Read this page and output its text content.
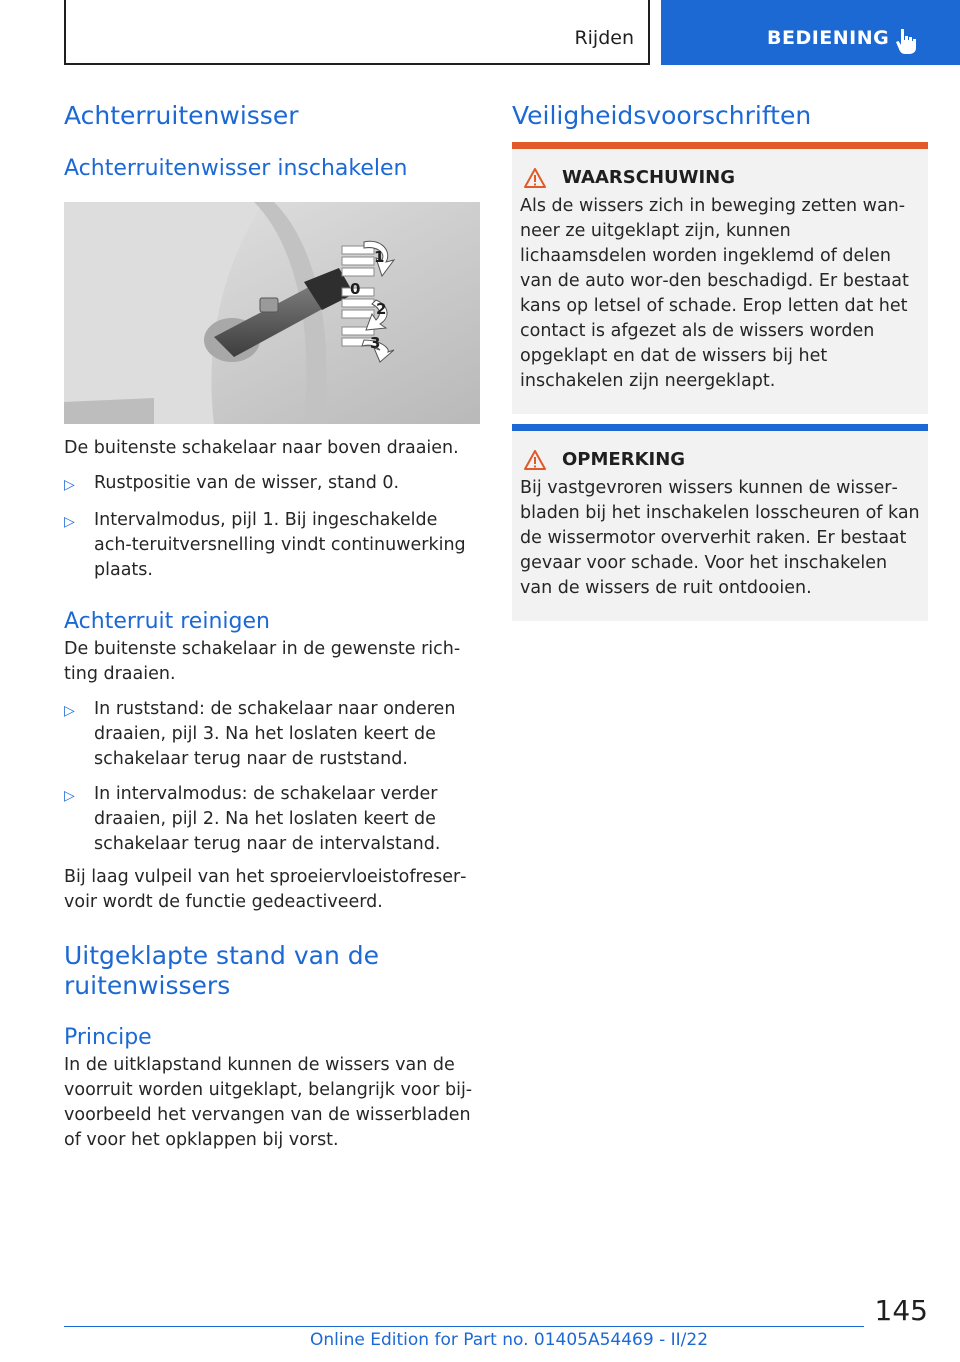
Rijden	BEDIENING
Achterruitenwisser
Achterruitenwisser inschakelen
1
0
2
3

De buitenste schakelaar naar boven draaien.

▷	Rustpositie van de wisser, stand 0.
▷	Intervalmodus, pijl 1. Bij ingeschakelde ach‐teruitversnelling vindt continuwerking plaats.
Achterruit reinigen

De buitenste schakelaar in de gewenste rich‐ting draaien.

▷	In ruststand: de schakelaar naar onderen draaien, pijl 3. Na het loslaten keert de schakelaar terug naar de ruststand.
▷	In intervalmodus: de schakelaar verder draaien, pijl 2. Na het loslaten keert de schakelaar terug naar de intervalstand.

Bij laag vulpeil van het sproeiervloeistofreser‐voir wordt de functie gedeactiveerd.

Uitgeklapte stand van de ruitenwissers
Principe

In de uitklapstand kunnen de wissers van de voorruit worden uitgeklapt, belangrijk voor bij‐voorbeeld het vervangen van de wisserbladen of voor het opklappen bij vorst.

Veiligheidsvoorschriften
WAARSCHUWING

Als de wissers zich in beweging zetten wan‐neer ze uitgeklapt zijn, kunnen lichaamsdelen worden ingeklemd of delen van de auto wor‐den beschadigd. Er bestaat kans op letsel of schade. Erop letten dat het contact is afgezet als de wissers worden opgeklapt en dat de wissers bij het inschakelen zijn neergeklapt.

OPMERKING

Bij vastgevroren wissers kunnen de wisser‐bladen bij het inschakelen losscheuren of kan de wissermotor oververhit raken. Er bestaat gevaar voor schade. Voor het inschakelen van de wissers de ruit ontdooien.

145
Online Edition for Part no. 01405A54469 - II/22
